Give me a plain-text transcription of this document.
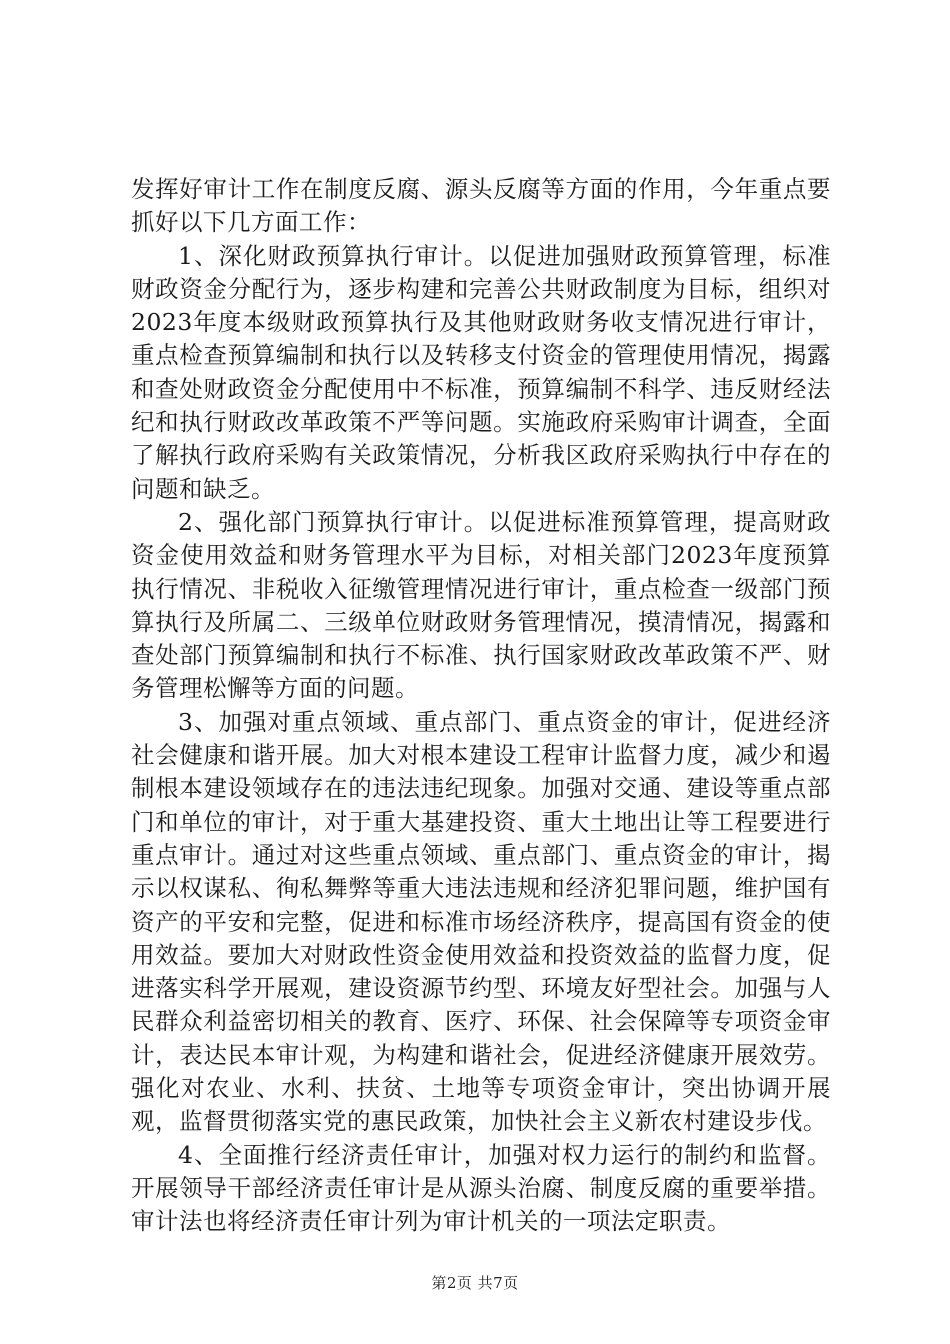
发挥好审计工作在制度反腐、源头反腐等方面的作用，今年重点要抓好以下几方面工作：

1、深化财政预算执行审计。以促进加强财政预算管理，标准财政资金分配行为，逐步构建和完善公共财政制度为目标，组织对2023年度本级财政预算执行及其他财政财务收支情况进行审计，重点检查预算编制和执行以及转移支付资金的管理使用情况，揭露和查处财政资金分配使用中不标准，预算编制不科学、违反财经法纪和执行财政改革政策不严等问题。实施政府采购审计调查，全面了解执行政府采购有关政策情况，分析我区政府采购执行中存在的问题和缺乏。

2、强化部门预算执行审计。以促进标准预算管理，提高财政资金使用效益和财务管理水平为目标，对相关部门2023年度预算执行情况、非税收入征缴管理情况进行审计，重点检查一级部门预算执行及所属二、三级单位财政财务管理情况，摸清情况，揭露和查处部门预算编制和执行不标准、执行国家财政改革政策不严、财务管理松懈等方面的问题。

3、加强对重点领域、重点部门、重点资金的审计，促进经济社会健康和谐开展。加大对根本建设工程审计监督力度，减少和遏制根本建设领域存在的违法违纪现象。加强对交通、建设等重点部门和单位的审计，对于重大基建投资、重大土地出让等工程要进行重点审计。通过对这些重点领域、重点部门、重点资金的审计，揭示以权谋私、徇私舞弊等重大违法违规和经济犯罪问题，维护国有资产的平安和完整，促进和标准市场经济秩序，提高国有资金的使用效益。要加大对财政性资金使用效益和投资效益的监督力度，促进落实科学开展观，建设资源节约型、环境友好型社会。加强与人民群众利益密切相关的教育、医疗、环保、社会保障等专项资金审计，表达民本审计观，为构建和谐社会，促进经济健康开展效劳。强化对农业、水利、扶贫、土地等专项资金审计，突出协调开展观，监督贯彻落实党的惠民政策，加快社会主义新农村建设步伐。

4、全面推行经济责任审计，加强对权力运行的制约和监督。开展领导干部经济责任审计是从源头治腐、制度反腐的重要举措。审计法也将经济责任审计列为审计机关的一项法定职责。

第2页 共7页
